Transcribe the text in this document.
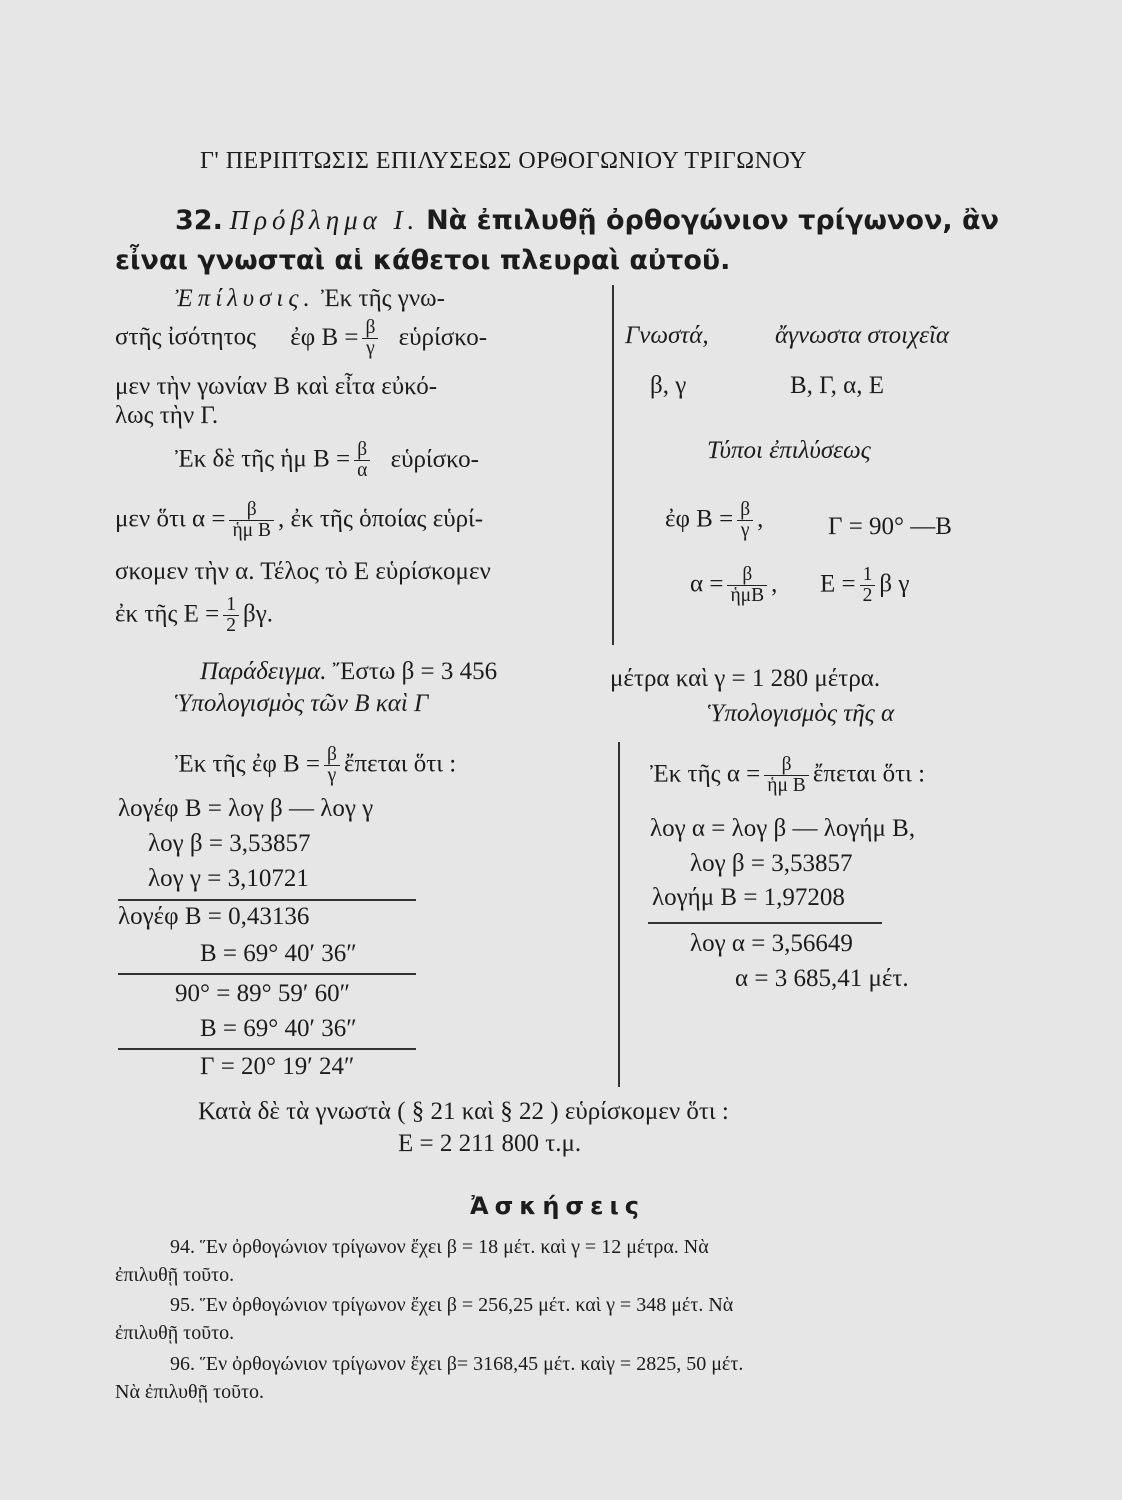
Γ' ΠΕΡΙΠΤΩΣΙΣ ΕΠΙΛΥΣΕΩΣ ΟΡΘΟΓΩΝΙΟΥ ΤΡΙΓΩΝΟΥ
32. Πρόβλημα Ι. Νὰ ἐπιλυθῇ ὀρθογώνιον τρίγωνον, ἂν
εἶναι γνωσταὶ αἱ κάθετοι πλευραὶ αὐτοῦ.
Ἐπίλυσις. Ἐκ τῆς γνω-
στῆς ἰσότητος ἐφ $B = \frac{\beta}{\gamma}$ εὑρίσκο-
μεν τὴν γωνίαν B καὶ εἶτα εὐκό-
λως τὴν Γ.
Ἐκ δὲ τῆς ἡμ $B = \frac{\beta}{\alpha}$ εὑρίσκο-
μεν ὅτι $\alpha = \frac{\beta}{\text{ἡμ B}}$ , ἐκ τῆς ὁποίας εὑρί-
σκομεν τὴν α. Τέλος τὸ Ε εὑρίσκομεν
ἐκ τῆς $E = \frac{1}{2} \beta\gamma$.
Γνωστά,	ἄγνωστα στοιχεῖα
β, γ	B, Γ, α, Ε
Τύποι ἐπιλύσεως
ἐφ $B = \frac{\beta}{\gamma}$ ,	Γ = 90° —B
$\alpha = \frac{\beta}{\text{ἡμB}}$ , $E = \frac{1}{2}$ β γ
Παράδειγμα. Ἔστω β = 3 456	μέτρα καὶ γ = 1 280 μέτρα.
Ὑπολογισμὸς τῶν B καὶ Γ	Ὑπολογισμὸς τῆς α
Ἐκ τῆς ἐφ $B = \frac{\beta}{\gamma}$ ἔπεται ὅτι :
λογέφ B = λογ β — λογ γ
λογ β = 3,53857
λογ γ = 3,10721
λογέφ B = 0,43136
B = 69° 40′ 36″
90° = 89° 59′ 60″
B = 69° 40′ 36″
Γ = 20° 19′ 24″
Ἐκ τῆς $\alpha = \frac{\beta}{\text{ἡμ B}}$ ἔπεται ὅτι :
λογ α = λογ β — λογήμ B,
λογ β = 3,53857
λογήμ B = 1,97208
λογ α = 3,56649
α = 3 685,41 μέτ.
Κατὰ δὲ τὰ γνωστὰ ( § 21 καὶ § 22 ) εὑρίσκομεν ὅτι :
Ε = 2 211 800 τ.μ.
Ἀσκήσεις
94. Ἕν ὀρθογώνιον τρίγωνον ἔχει β = 18 μέτ. καὶ γ = 12 μέτρα. Νὰ
ἐπιλυθῇ τοῦτο.
95. Ἕν ὀρθογώνιον τρίγωνον ἔχει β = 256,25 μέτ. καὶ γ = 348 μέτ. Νὰ
ἐπιλυθῇ τοῦτο.
96. Ἕν ὀρθογώνιον τρίγωνον ἔχει β= 3168,45 μέτ. καὶγ = 2825, 50 μέτ.
Νὰ ἐπιλυθῇ τοῦτο.
